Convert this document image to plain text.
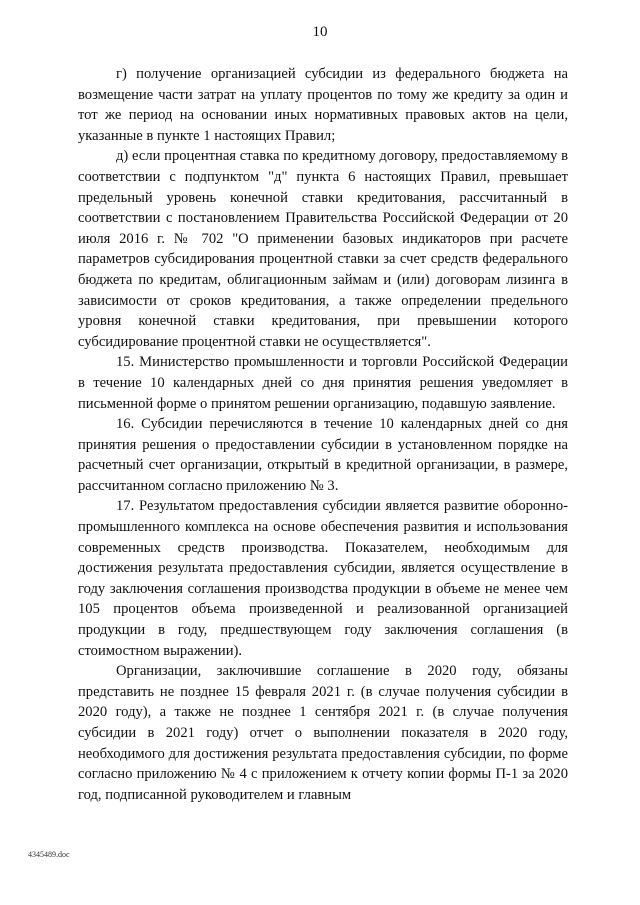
10

г) получение организацией субсидии из федерального бюджета на возмещение части затрат на уплату процентов по тому же кредиту за один и тот же период на основании иных нормативных правовых актов на цели, указанные в пункте 1 настоящих Правил;

д) если процентная ставка по кредитному договору, предоставляемому в соответствии с подпунктом "д" пункта 6 настоящих Правил, превышает предельный уровень конечной ставки кредитования, рассчитанный в соответствии с постановлением Правительства Российской Федерации от 20 июля 2016 г. № 702 "О применении базовых индикаторов при расчете параметров субсидирования процентной ставки за счет средств федерального бюджета по кредитам, облигационным займам и (или) договорам лизинга в зависимости от сроков кредитования, а также определении предельного уровня конечной ставки кредитования, при превышении которого субсидирование процентной ставки не осуществляется".

15. Министерство промышленности и торговли Российской Федерации в течение 10 календарных дней со дня принятия решения уведомляет в письменной форме о принятом решении организацию, подавшую заявление.

16. Субсидии перечисляются в течение 10 календарных дней со дня принятия решения о предоставлении субсидии в установленном порядке на расчетный счет организации, открытый в кредитной организации, в размере, рассчитанном согласно приложению № 3.

17. Результатом предоставления субсидии является развитие оборонно-промышленного комплекса на основе обеспечения развития и использования современных средств производства. Показателем, необходимым для достижения результата предоставления субсидии, является осуществление в году заключения соглашения производства продукции в объеме не менее чем 105 процентов объема произведенной и реализованной организацией продукции в году, предшествующем году заключения соглашения (в стоимостном выражении).

Организации, заключившие соглашение в 2020 году, обязаны представить не позднее 15 февраля 2021 г. (в случае получения субсидии в 2020 году), а также не позднее 1 сентября 2021 г. (в случае получения субсидии в 2021 году) отчет о выполнении показателя в 2020 году, необходимого для достижения результата предоставления субсидии, по форме согласно приложению № 4 с приложением к отчету копии формы П-1 за 2020 год, подписанной руководителем и главным

4345489.doc
